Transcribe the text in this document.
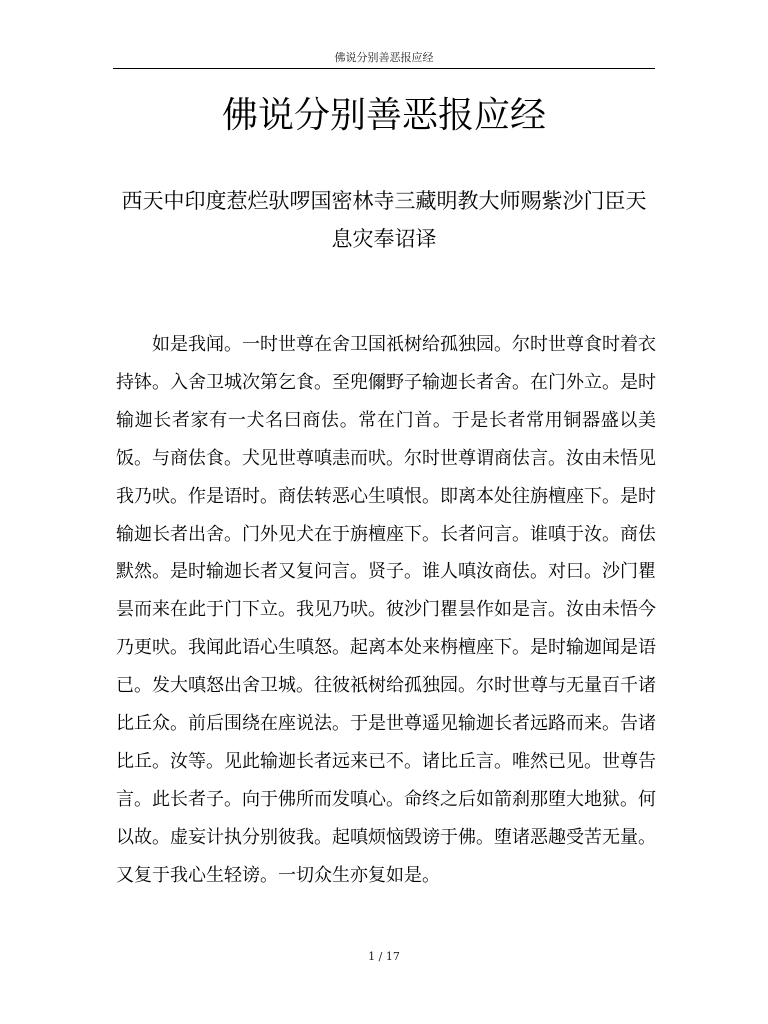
佛说分别善恶报应经
佛说分别善恶报应经

西天中印度惹烂驮啰国密林寺三藏明教大师赐紫沙门臣天息灾奉诏译

如是我闻。一时世尊在舍卫国祇树给孤独园。尔时世尊食时着衣持钵。入舍卫城次第乞食。至兜儞野子输迦长者舍。在门外立。是时输迦长者家有一犬名曰商佉。常在门首。于是长者常用铜器盛以美饭。与商佉食。犬见世尊嗔恚而吠。尔时世尊谓商佉言。汝由未悟见我乃吠。作是语时。商佉转恶心生嗔恨。即离本处往旃檀座下。是时输迦长者出舍。门外见犬在于旃檀座下。长者问言。谁嗔于汝。商佉默然。是时输迦长者又复问言。贤子。谁人嗔汝商佉。对曰。沙门瞿昙而来在此于门下立。我见乃吠。彼沙门瞿昙作如是言。汝由未悟今乃更吠。我闻此语心生嗔怒。起离本处来栴檀座下。是时输迦闻是语已。发大嗔怒出舍卫城。往彼祇树给孤独园。尔时世尊与无量百千诸比丘众。前后围绕在座说法。于是世尊遥见输迦长者远路而来。告诸比丘。汝等。见此输迦长者远来已不。诸比丘言。唯然已见。世尊告言。此长者子。向于佛所而发嗔心。命终之后如箭刹那堕大地狱。何以故。虚妄计执分别彼我。起嗔烦恼毁谤于佛。堕诸恶趣受苦无量。又复于我心生轻谤。一切众生亦复如是。

1 / 17
